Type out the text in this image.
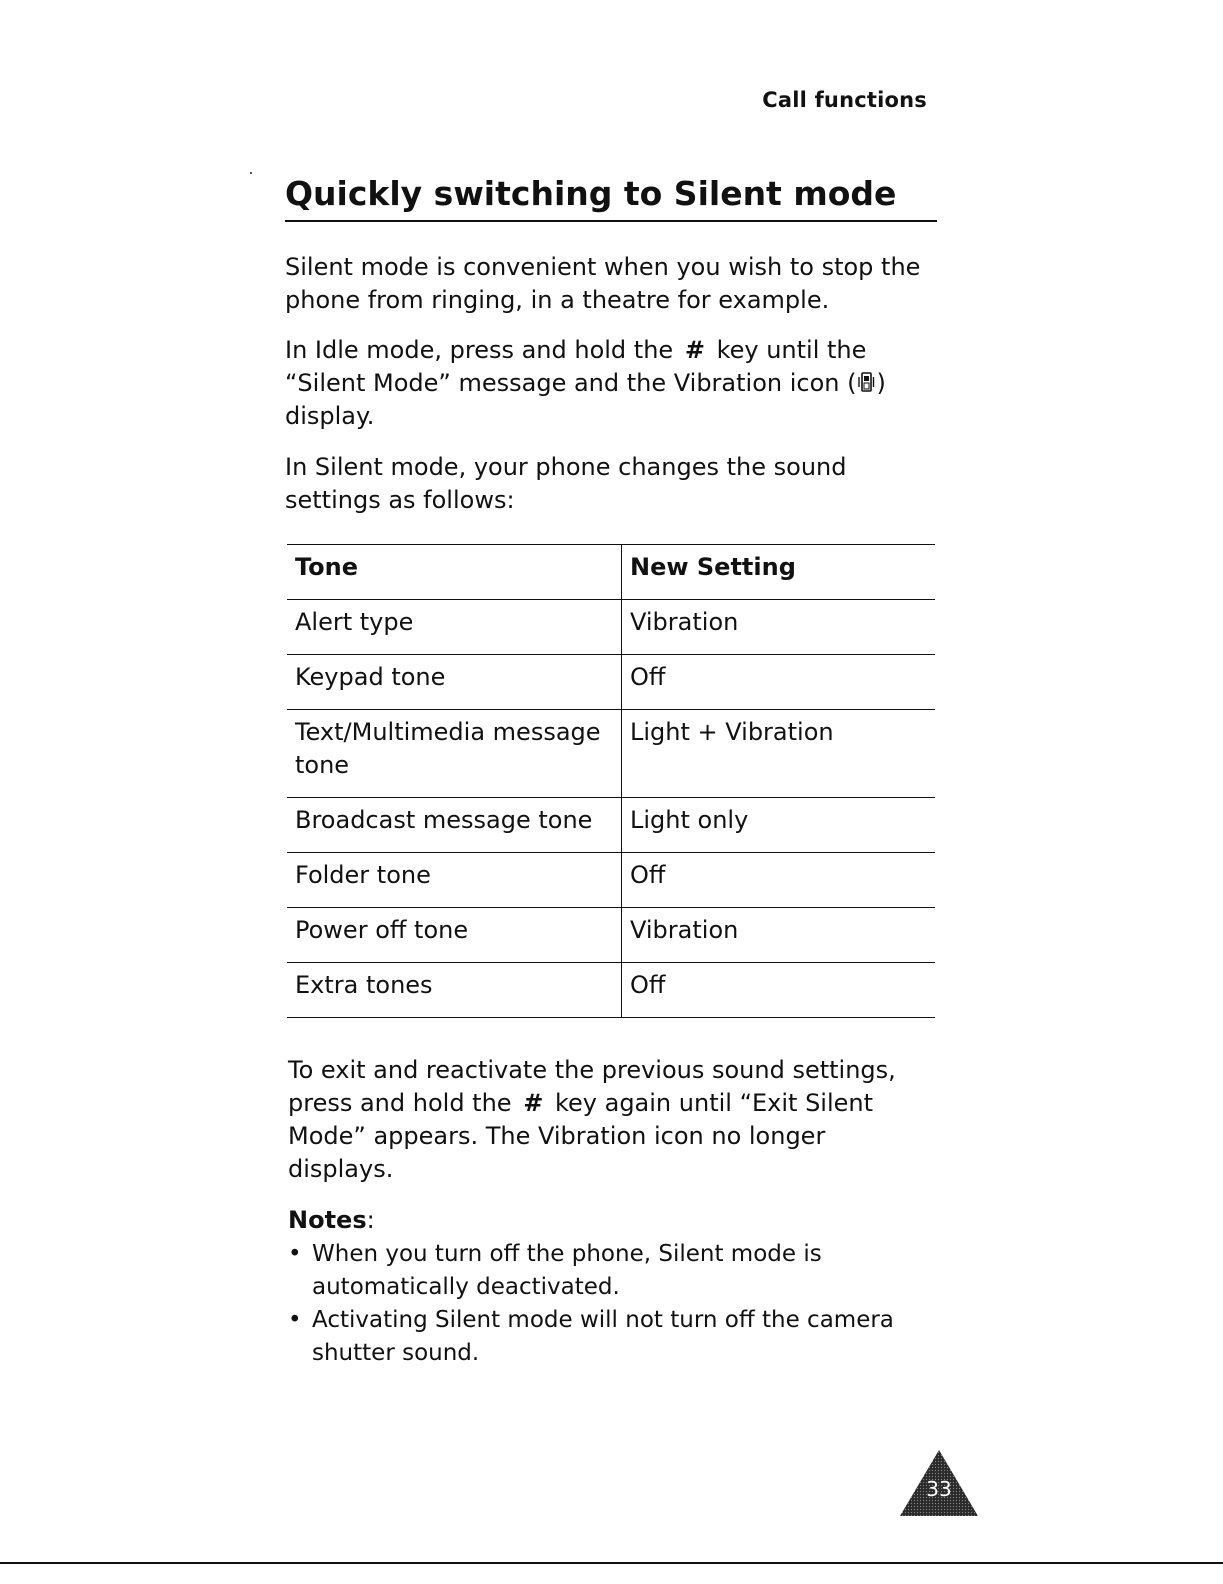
Call functions
Quickly switching to Silent mode

Silent mode is convenient when you wish to stop the phone from ringing, in a theatre for example.

In Idle mode, press and hold the # key until the “Silent Mode” message and the Vibration icon ( ) display.

In Silent mode, your phone changes the sound settings as follows:

Tone	New Setting
Alert type	Vibration
Keypad tone	Off
Text/Multimedia message tone	Light + Vibration
Broadcast message tone	Light only
Folder tone	Off
Power off tone	Vibration
Extra tones	Off

To exit and reactivate the previous sound settings, press and hold the # key again until “Exit Silent Mode” appears. The Vibration icon no longer displays.

Notes:

• When you turn off the phone, Silent mode is automatically deactivated.
• Activating Silent mode will not turn off the camera shutter sound.
33
